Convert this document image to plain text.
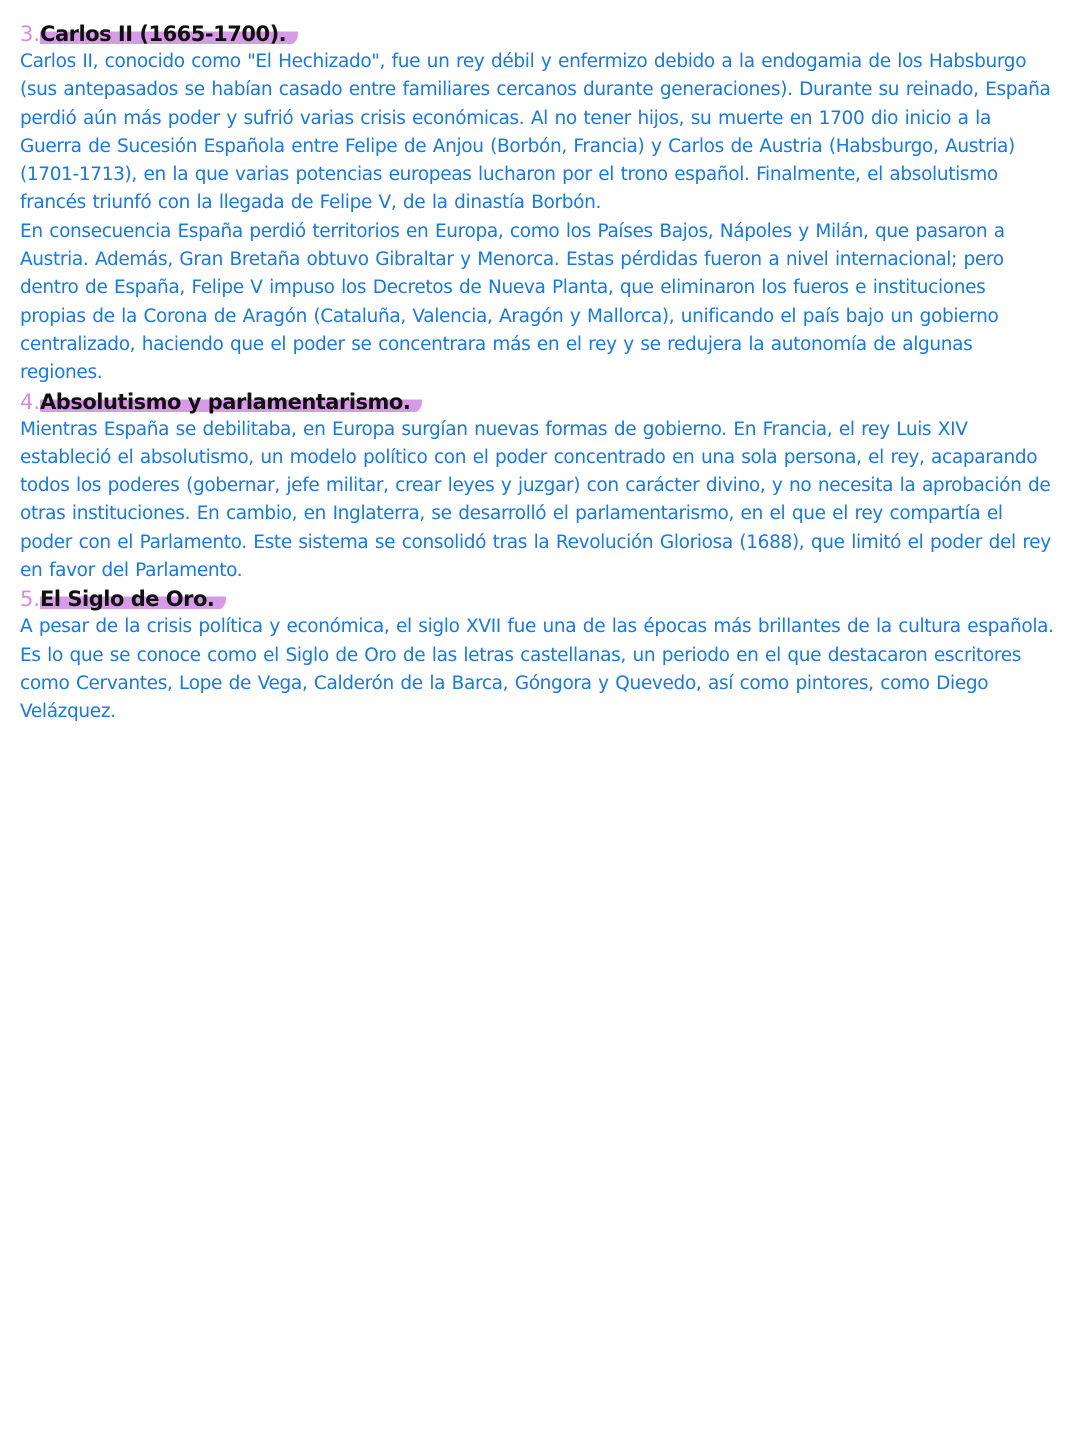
3.Carlos II (1665-1700).

Carlos II, conocido como "El Hechizado", fue un rey débil y enfermizo debido a la endogamia de los Habsburgo (sus antepasados se habían casado entre familiares cercanos durante generaciones). Durante su reinado, España perdió aún más poder y sufrió varias crisis económicas. Al no tener hijos, su muerte en 1700 dio inicio a la Guerra de Sucesión Española entre Felipe de Anjou (Borbón, Francia) y Carlos de Austria (Habsburgo, Austria) (1701-1713), en la que varias potencias europeas lucharon por el trono español. Finalmente, el absolutismo francés triunfó con la llegada de Felipe V, de la dinastía Borbón.

En consecuencia España perdió territorios en Europa, como los Países Bajos, Nápoles y Milán, que pasaron a Austria. Además, Gran Bretaña obtuvo Gibraltar y Menorca. Estas pérdidas fueron a nivel internacional; pero dentro de España, Felipe V impuso los Decretos de Nueva Planta, que eliminaron los fueros e instituciones propias de la Corona de Aragón (Cataluña, Valencia, Aragón y Mallorca), unificando el país bajo un gobierno centralizado, haciendo que el poder se concentrara más en el rey y se redujera la autonomía de algunas regiones.

4.Absolutismo y parlamentarismo.

Mientras España se debilitaba, en Europa surgían nuevas formas de gobierno. En Francia, el rey Luis XIV estableció el absolutismo, un modelo político con el poder concentrado en una sola persona, el rey, acaparando todos los poderes (gobernar, jefe militar, crear leyes y juzgar) con carácter divino, y no necesita la aprobación de otras instituciones. En cambio, en Inglaterra, se desarrolló el parlamentarismo, en el que el rey compartía el poder con el Parlamento. Este sistema se consolidó tras la Revolución Gloriosa (1688), que limitó el poder del rey en favor del Parlamento.

5.El Siglo de Oro.

A pesar de la crisis política y económica, el siglo XVII fue una de las épocas más brillantes de la cultura española. Es lo que se conoce como el Siglo de Oro de las letras castellanas, un periodo en el que destacaron escritores como Cervantes, Lope de Vega, Calderón de la Barca, Góngora y Quevedo, así como pintores, como Diego Velázquez.
